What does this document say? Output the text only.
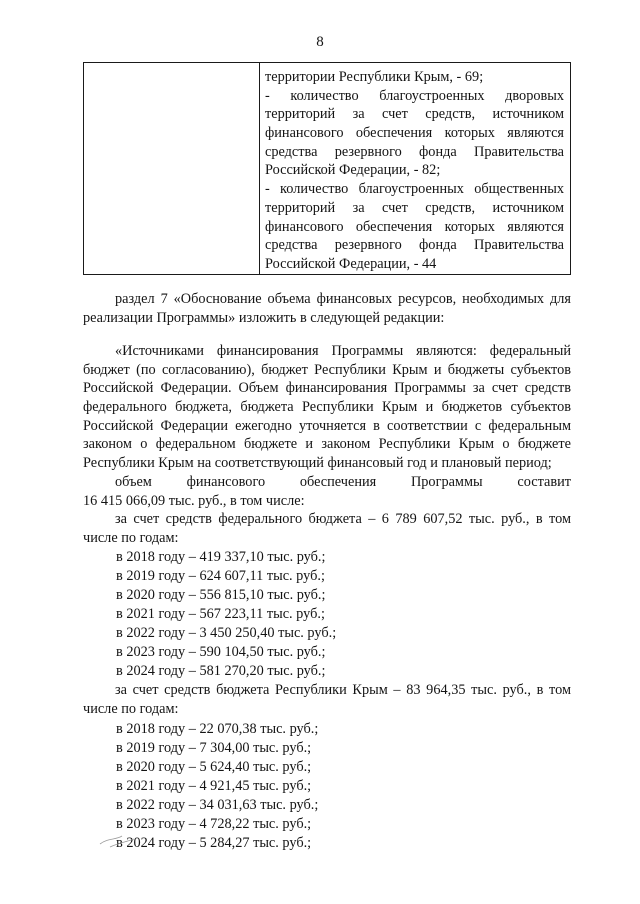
8

территории Республики Крым, - 69;
- количество благоустроенных дворовых
территорий за счет средств, источником
финансового обеспечения которых являются
средства резервного фонда Правительства
Российской Федерации, - 82;
- количество благоустроенных общественных
территорий за счет средств, источником
финансового обеспечения которых являются
средства резервного фонда Правительства
Российской Федерации, - 44
раздел 7 «Обоснование объема финансовых ресурсов, необходимых для
реализации Программы» изложить в следующей редакции:
«Источниками финансирования Программы являются: федеральный
бюджет (по согласованию), бюджет Республики Крым и бюджеты субъектов
Российской Федерации. Объем финансирования Программы за счет средств
федерального бюджета, бюджета Республики Крым и бюджетов субъектов
Российской Федерации ежегодно уточняется в соответствии с федеральным
законом о федеральном бюджете и законом Республики Крым о бюджете
Республики Крым на соответствующий финансовый год и плановый период;
объем финансового обеспечения Программы составит
16 415 066,09 тыс. руб., в том числе:
за счет средств федерального бюджета – 6 789 607,52 тыс. руб., в том
числе по годам:
в 2018 году – 419 337,10 тыс. руб.;
в 2019 году – 624 607,11 тыс. руб.;
в 2020 году – 556 815,10 тыс. руб.;
в 2021 году – 567 223,11 тыс. руб.;
в 2022 году – 3 450 250,40 тыс. руб.;
в 2023 году – 590 104,50 тыс. руб.;
в 2024 году – 581 270,20 тыс. руб.;
за счет средств бюджета Республики Крым – 83 964,35 тыс. руб., в том
числе по годам:
в 2018 году – 22 070,38 тыс. руб.;
в 2019 году – 7 304,00 тыс. руб.;
в 2020 году – 5 624,40 тыс. руб.;
в 2021 году – 4 921,45 тыс. руб.;
в 2022 году – 34 031,63 тыс. руб.;
в 2023 году – 4 728,22 тыс. руб.;
в 2024 году – 5 284,27 тыс. руб.;
